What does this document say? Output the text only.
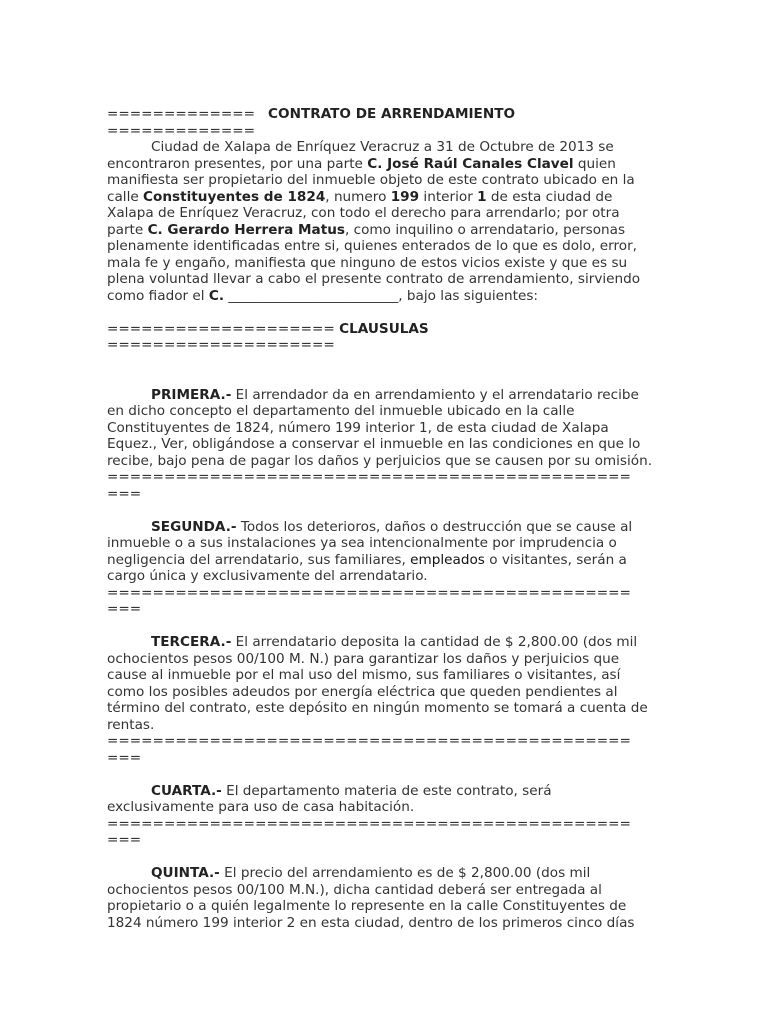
============= CONTRATO DE ARRENDAMIENTO
=============
Ciudad de Xalapa de Enríquez Veracruz a 31 de Octubre de 2013 se
encontraron presentes, por una parte C. José Raúl Canales Clavel quien
manifiesta ser propietario del inmueble objeto de este contrato ubicado en la
calle Constituyentes de 1824, numero 199 interior 1 de esta ciudad de
Xalapa de Enríquez Veracruz, con todo el derecho para arrendarlo; por otra
parte C. Gerardo Herrera Matus, como inquilino o arrendatario, personas
plenamente identificadas entre si, quienes enterados de lo que es dolo, error,
mala fe y engaño, manifiesta que ninguno de estos vicios existe y que es su
plena voluntad llevar a cabo el presente contrato de arrendamiento, sirviendo
como fiador el C. _________________________, bajo las siguientes:
==================== CLAUSULAS
====================
PRIMERA.- El arrendador da en arrendamiento y el arrendatario recibe
en dicho concepto el departamento del inmueble ubicado en la calle
Constituyentes de 1824, número 199 interior 1, de esta ciudad de Xalapa
Equez., Ver, obligándose a conservar el inmueble en las condiciones en que lo
recibe, bajo pena de pagar los daños y perjuicios que se causen por su omisión.
==============================================
===
SEGUNDA.- Todos los deterioros, daños o destrucción que se cause al
inmueble o a sus instalaciones ya sea intencionalmente por imprudencia o
negligencia del arrendatario, sus familiares, empleados o visitantes, serán a
cargo única y exclusivamente del arrendatario.
==============================================
===
TERCERA.- El arrendatario deposita la cantidad de $ 2,800.00 (dos mil
ochocientos pesos 00/100 M. N.) para garantizar los daños y perjuicios que
cause al inmueble por el mal uso del mismo, sus familiares o visitantes, así
como los posibles adeudos por energía eléctrica que queden pendientes al
término del contrato, este depósito en ningún momento se tomará a cuenta de
rentas.
==============================================
===
CUARTA.- El departamento materia de este contrato, será
exclusivamente para uso de casa habitación.
==============================================
===
QUINTA.- El precio del arrendamiento es de $ 2,800.00 (dos mil
ochocientos pesos 00/100 M.N.), dicha cantidad deberá ser entregada al
propietario o a quién legalmente lo represente en la calle Constituyentes de
1824 número 199 interior 2 en esta ciudad, dentro de los primeros cinco días
